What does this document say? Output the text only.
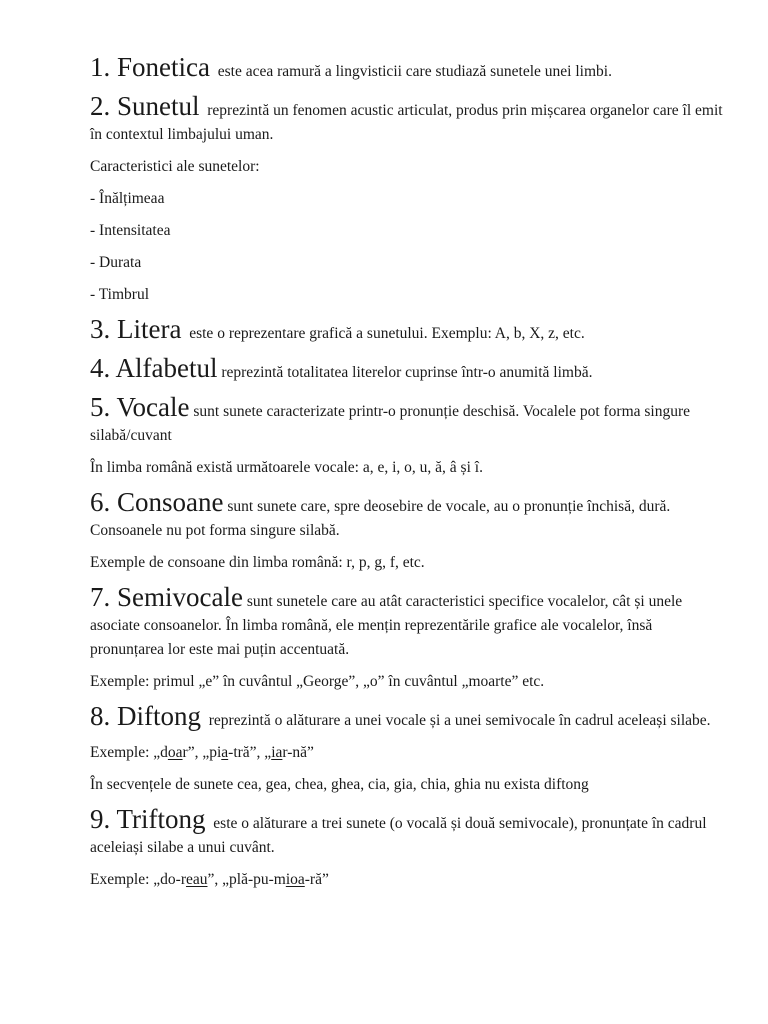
1. Fonetica este acea ramură a lingvisticii care studiază sunetele unei limbi.

2. Sunetul reprezintă un fenomen acustic articulat, produs prin mișcarea organelor care îl emit în contextul limbajului uman.

Caracteristici ale sunetelor:

- Înălțimeaa

- Intensitatea

- Durata

- Timbrul

3. Litera este o reprezentare grafică a sunetului. Exemplu: A, b, X, z, etc.

4. Alfabetul reprezintă totalitatea literelor cuprinse într-o anumită limbă.

5. Vocale sunt sunete caracterizate printr-o pronunție deschisă. Vocalele pot forma singure silabă/cuvant

În limba română există următoarele vocale: a, e, i, o, u, ă, â și î.

6. Consoane sunt sunete care, spre deosebire de vocale, au o pronunție închisă, dură. Consoanele nu pot forma singure silabă.

Exemple de consoane din limba română: r, p, g, f, etc.

7. Semivocale sunt sunetele care au atât caracteristici specifice vocalelor, cât și unele asociate consoanelor. În limba română, ele mențin reprezentările grafice ale vocalelor, însă pronunțarea lor este mai puțin accentuată.

Exemple: primul „e” în cuvântul „George”, „o” în cuvântul „moarte” etc.

8. Diftong reprezintă o alăturare a unei vocale și a unei semivocale în cadrul aceleași silabe.

Exemple: „doar”, „pia-tră”, „iar-nă”

În secvențele de sunete cea, gea, chea, ghea, cia, gia, chia, ghia nu exista diftong

9. Triftong este o alăturare a trei sunete (o vocală și două semivocale), pronunțate în cadrul aceleiași silabe a unui cuvânt.

Exemple: „do-reau”, „plă-pu-mioa-ră”
